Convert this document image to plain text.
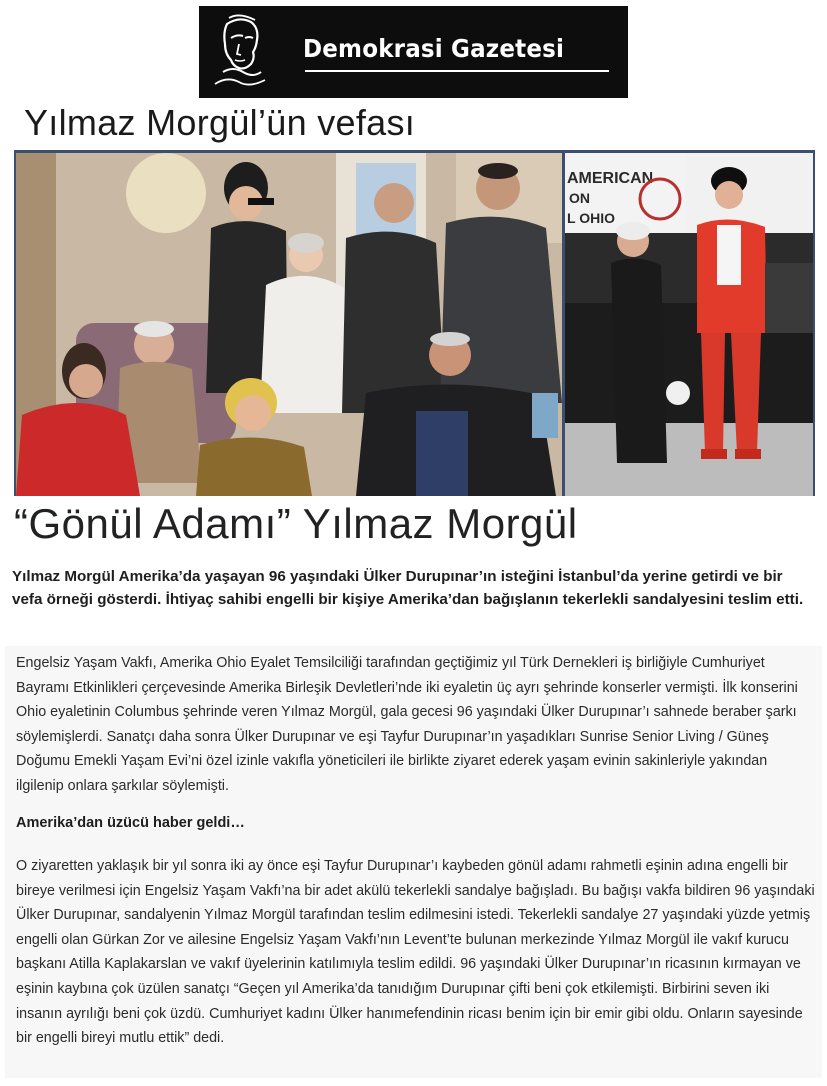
Demokrasi Gazetesi
Yılmaz Morgül’ün vefası
AMERICAN
ON
L OHIO
“Gönül Adamı” Yılmaz Morgül
Yılmaz Morgül Amerika’da yaşayan 96 yaşındaki Ülker Durupınar’ın isteğini İstanbul’da yerine getirdi ve bir vefa örneği gösterdi. İhtiyaç sahibi engelli bir kişiye Amerika’dan bağışlanın tekerlekli sandalyesini teslim etti.
Engelsiz Yaşam Vakfı, Amerika Ohio Eyalet Temsilciliği tarafından geçtiğimiz yıl Türk Dernekleri iş birliğiyle Cumhuriyet Bayramı Etkinlikleri çerçevesinde Amerika Birleşik Devletleri’nde iki eyaletin üç ayrı şehrinde konserler vermişti. İlk konserini Ohio eyaletinin Columbus şehrinde veren Yılmaz Morgül, gala gecesi 96 yaşındaki Ülker Durupınar’ı sahnede beraber şarkı söylemişlerdi. Sanatçı daha sonra Ülker Durupınar ve eşi Tayfur Durupınar’ın yaşadıkları Sunrise Senior Living / Güneş Doğumu Emekli Yaşam Evi’ni özel izinle vakıfla yöneticileri ile birlikte ziyaret ederek yaşam evinin sakinleriyle yakından ilgilenip onlara şarkılar söylemişti.
Amerika’dan üzücü haber geldi…
O ziyaretten yaklaşık bir yıl sonra iki ay önce eşi Tayfur Durupınar’ı kaybeden gönül adamı rahmetli eşinin adına engelli bir bireye verilmesi için Engelsiz Yaşam Vakfı’na bir adet akülü tekerlekli sandalye bağışladı. Bu bağışı vakfa bildiren 96 yaşındaki Ülker Durupınar, sandalyenin Yılmaz Morgül tarafından teslim edilmesini istedi. Tekerlekli sandalye 27 yaşındaki yüzde yetmiş engelli olan Gürkan Zor ve ailesine Engelsiz Yaşam Vakfı’nın Levent’te bulunan merkezinde Yılmaz Morgül ile vakıf kurucu başkanı Atilla Kaplakarslan ve vakıf üyelerinin katılımıyla teslim edildi. 96 yaşındaki Ülker Durupınar’ın ricasının kırmayan ve eşinin kaybına çok üzülen sanatçı “Geçen yıl Amerika’da tanıdığım Durupınar çifti beni çok etkilemişti. Birbirini seven iki insanın ayrılığı beni çok üzdü. Cumhuriyet kadını Ülker hanımefendinin ricası benim için bir emir gibi oldu. Onların sayesinde bir engelli bireyi mutlu ettik” dedi.
